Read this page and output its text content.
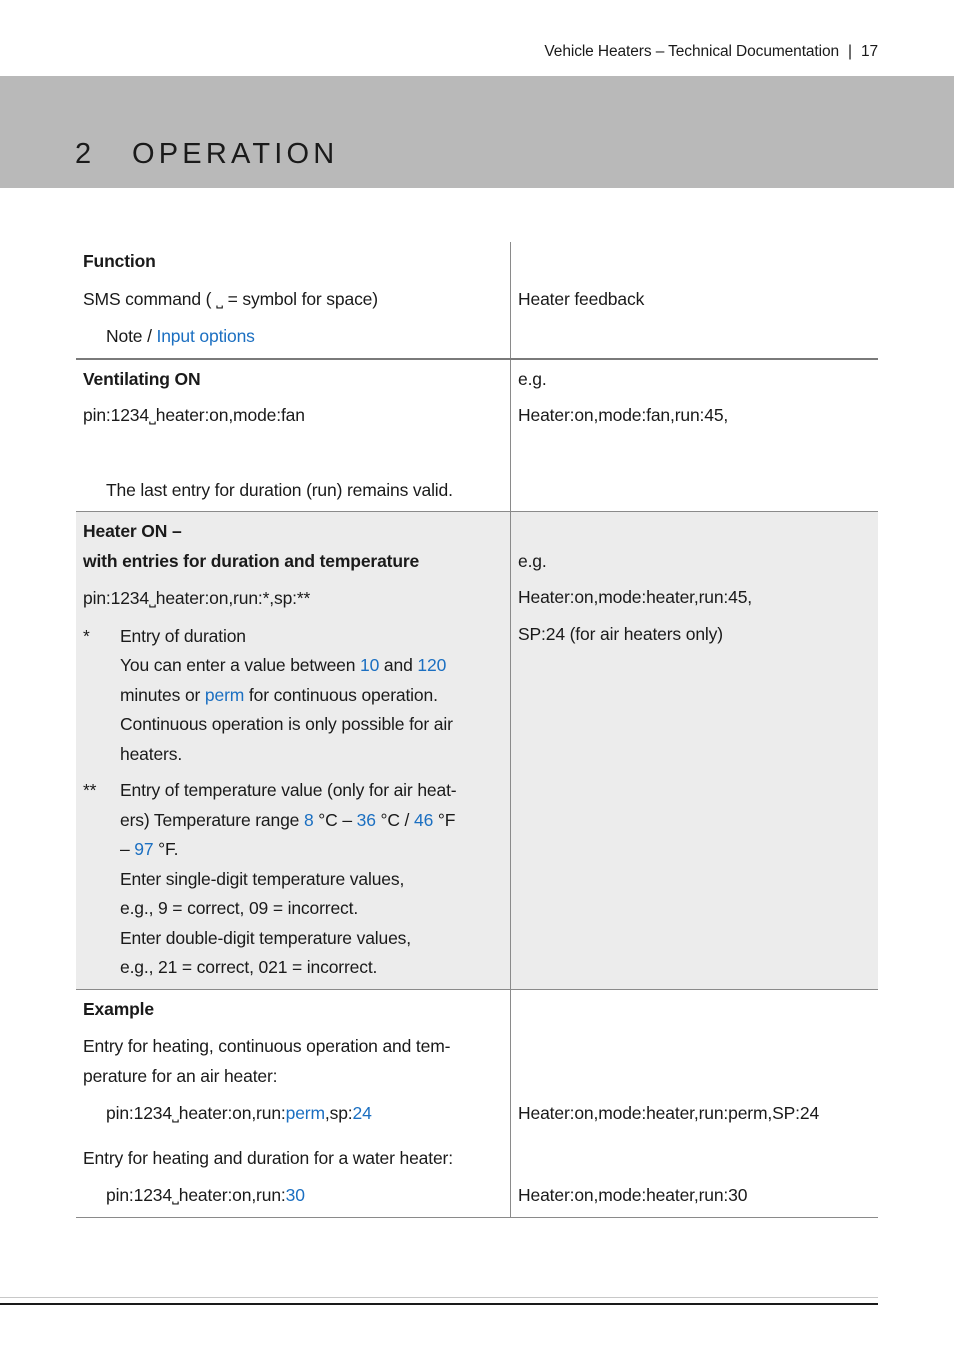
Vehicle Heaters – Technical Documentation | 17
2 OPERATION
Function
SMS command ( ˽ = symbol for space)
Note / Input options
Heater feedback
Ventilating ON
pin:1234˽heater:on,mode:fan
The last entry for duration (run) remains valid.
e.g.
Heater:on,mode:fan,run:45,
Heater ON –
with entries for duration and temperature
pin:1234˽heater:on,run:*,sp:**
*	Entry of duration
You can enter a value between 10 and 120
minutes or perm for continuous operation.
Continuous operation is only possible for air
heaters.
**	Entry of temperature value (only for air heat-
ers) Temperature range 8 °C – 36 °C / 46 °F
– 97 °F.
Enter single-digit temperature values,
e.g., 9 = correct, 09 = incorrect.
Enter double-digit temperature values,
e.g., 21 = correct, 021 = incorrect.
e.g.
Heater:on,mode:heater,run:45,
SP:24 (for air heaters only)
Example
Entry for heating, continuous operation and tem-
perature for an air heater:
pin:1234˽heater:on,run:perm,sp:24
Entry for heating and duration for a water heater:
pin:1234˽heater:on,run:30
Heater:on,mode:heater,run:perm,SP:24
Heater:on,mode:heater,run:30
